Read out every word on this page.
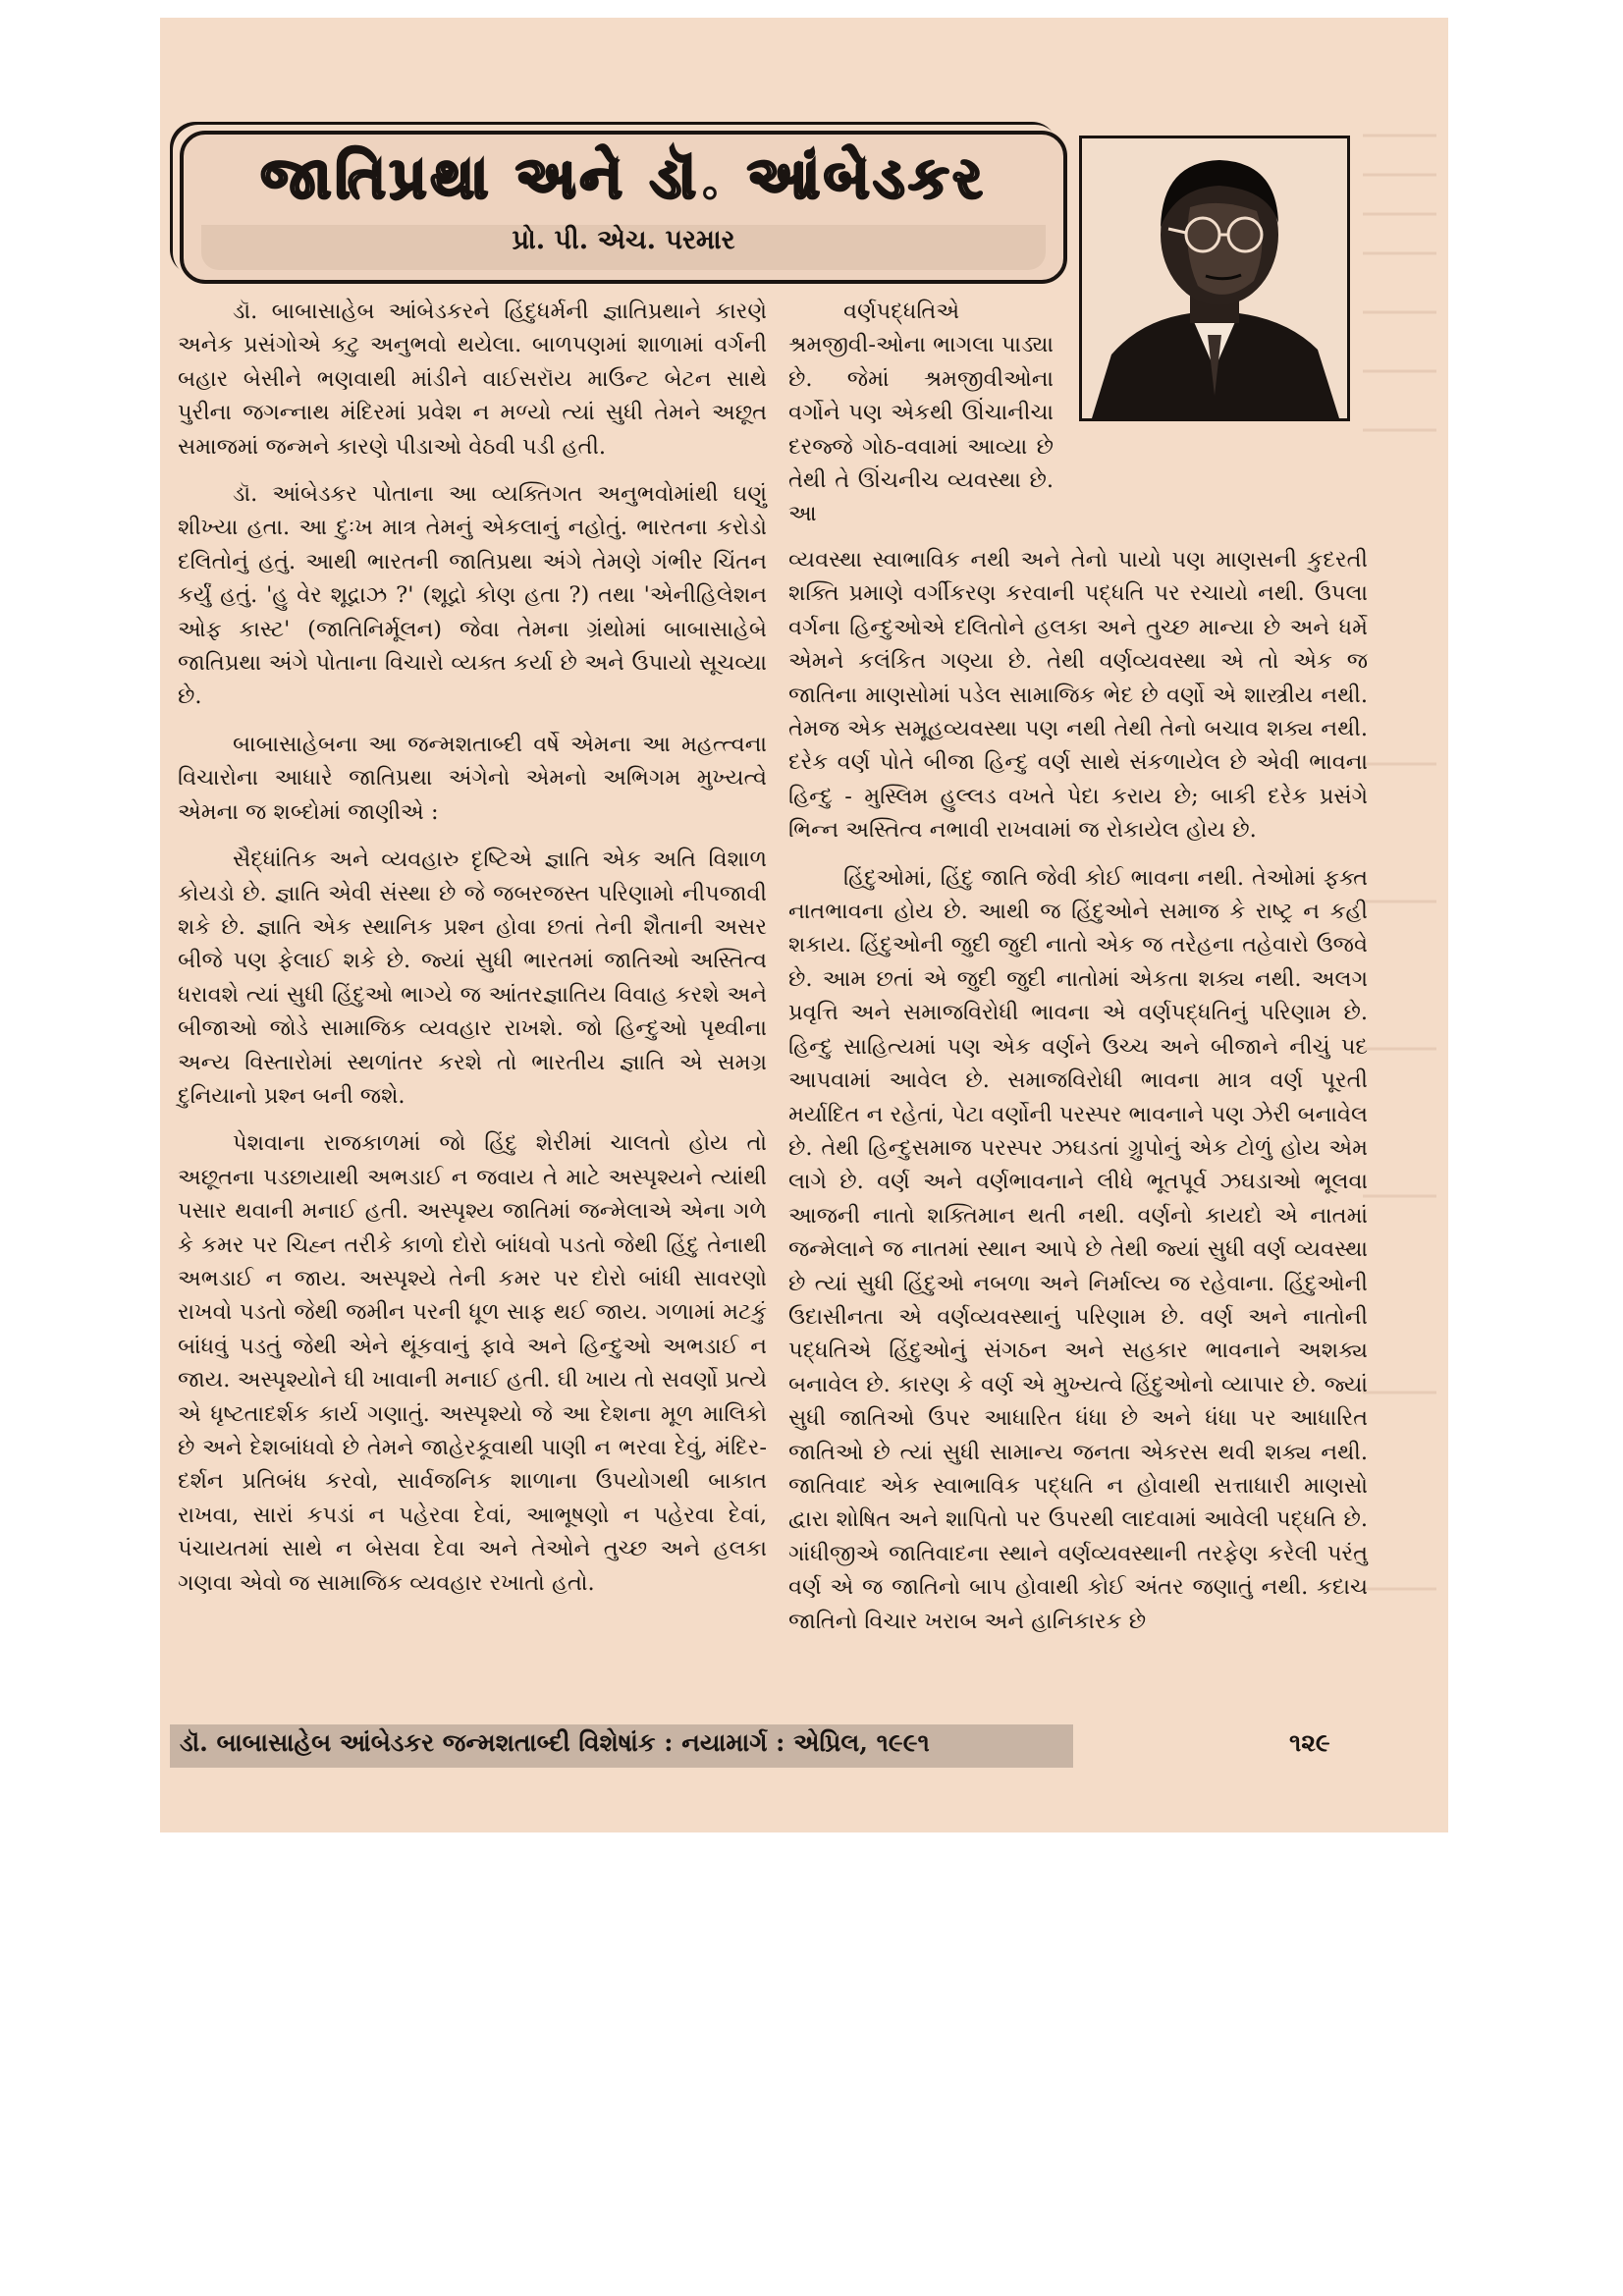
જાતિપ્રથા અને ડૉ. આંબેડકર
પ્રો. પી. એચ. પરમાર

ડૉ. બાબાસાહેબ આંબેડકરને હિંદુધર્મની જ્ઞાતિપ્રથાને કારણે અનેક પ્રસંગોએ કટુ અનુભવો થયેલા. બાળપણમાં શાળામાં વર્ગની બહાર બેસીને ભણવાથી માંડીને વાઈસરૉય માઉન્ટ બેટન સાથે પુરીના જગન્નાથ મંદિરમાં પ્રવેશ ન મળ્યો ત્યાં સુધી તેમને અછૂત સમાજમાં જન્મને કારણે પીડાઓ વેઠવી પડી હતી.

ડૉ. આંબેડકર પોતાના આ વ્યક્તિગત અનુભવોમાંથી ઘણું શીખ્યા હતા. આ દુઃખ માત્ર તેમનું એકલાનું નહોતું. ભારતના કરોડો દલિતોનું હતું. આથી ભારતની જાતિપ્રથા અંગે તેમણે ગંભીર ચિંતન કર્યું હતું. 'હુ વેર શૂદ્રાઝ ?' (શૂદ્રો કોણ હતા ?) તથા 'એનીહિલેશન ઓફ કાસ્ટ' (જાતિનિર્મૂલન) જેવા તેમના ગ્રંથોમાં બાબાસાહેબે જાતિપ્રથા અંગે પોતાના વિચારો વ્યક્ત કર્યા છે અને ઉપાયો સૂચવ્યા છે.

બાબાસાહેબના આ જન્મશતાબ્દી વર્ષે એમના આ મહત્ત્વના વિચારોના આધારે જાતિપ્રથા અંગેનો એમનો અભિગમ મુખ્યત્વે એમના જ શબ્દોમાં જાણીએ :

સૈદ્ધાંતિક અને વ્યવહારુ દૃષ્ટિએ જ્ઞાતિ એક અતિ વિશાળ કોયડો છે. જ્ઞાતિ એવી સંસ્થા છે જે જબરજસ્ત પરિણામો નીપજાવી શકે છે. જ્ઞાતિ એક સ્થાનિક પ્રશ્ન હોવા છતાં તેની શૈતાની અસર બીજે પણ ફેલાઈ શકે છે. જ્યાં સુધી ભારતમાં જાતિઓ અસ્તિત્વ ધરાવશે ત્યાં સુધી હિંદુઓ ભાગ્યે જ આંતરજ્ઞાતિય વિવાહ કરશે અને બીજાઓ જોડે સામાજિક વ્યવહાર રાખશે. જો હિન્દુઓ પૃથ્વીના અન્ય વિસ્તારોમાં સ્થળાંતર કરશે તો ભારતીય જ્ઞાતિ એ સમગ્ર દુનિયાનો પ્રશ્ન બની જશે.

પેશવાના રાજકાળમાં જો હિંદુ શેરીમાં ચાલતો હોય તો અછૂતના પડછાયાથી અભડાઈ ન જવાય તે માટે અસ્પૃશ્યને ત્યાંથી પસાર થવાની મનાઈ હતી. અસ્પૃશ્ય જાતિમાં જન્મેલાએ એના ગળે કે કમર પર ચિહ્ન તરીકે કાળો દોરો બાંધવો પડતો જેથી હિંદુ તેનાથી અભડાઈ ન જાય. અસ્પૃશ્યે તેની કમર પર દોરો બાંધી સાવરણો રાખવો પડતો જેથી જમીન પરની ધૂળ સાફ થઈ જાય. ગળામાં મટકું બાંધવું પડતું જેથી એને થૂંકવાનું ફાવે અને હિન્દુઓ અભડાઈ ન જાય. અસ્પૃશ્યોને ઘી ખાવાની મનાઈ હતી. ઘી ખાય તો સવર્ણો પ્રત્યે એ ધૃષ્ટતાદર્શક કાર્ય ગણાતું. અસ્પૃશ્યો જે આ દેશના મૂળ માલિકો છે અને દેશબાંધવો છે તેમને જાહેરકૂવાથી પાણી ન ભરવા દેવું, મંદિર-દર્શન પ્રતિબંધ કરવો, સાર્વજનિક શાળાના ઉપયોગથી બાકાત રાખવા, સારાં કપડાં ન પહેરવા દેવાં, આભૂષણો ન પહેરવા દેવાં, પંચાયતમાં સાથે ન બેસવા દેવા અને તેઓને તુચ્છ અને હલકા ગણવા એવો જ સામાજિક વ્યવહાર રખાતો હતો.

વર્ણપદ્ધતિએ શ્રમજીવી-ઓના ભાગલા પાડ્યા છે. જેમાં શ્રમજીવીઓના વર્ગોને પણ એકથી ઊંચાનીચા દરજ્જે ગોઠ-વવામાં આવ્યા છે તેથી તે ઊંચનીચ વ્યવસ્થા છે. આ

વ્યવસ્થા સ્વાભાવિક નથી અને તેનો પાયો પણ માણસની કુદરતી શક્તિ પ્રમાણે વર્ગીકરણ કરવાની પદ્ધતિ પર રચાયો નથી. ઉપલા વર્ગના હિન્દુઓએ દલિતોને હલકા અને તુચ્છ માન્યા છે અને ધર્મે એમને કલંકિત ગણ્યા છે. તેથી વર્ણવ્યવસ્થા એ તો એક જ જાતિના માણસોમાં પડેલ સામાજિક ભેદ છે વર્ણો એ શાસ્ત્રીય નથી. તેમજ એક સમૂહવ્યવસ્થા પણ નથી તેથી તેનો બચાવ શક્ય નથી. દરેક વર્ણ પોતે બીજા હિન્દુ વર્ણ સાથે સંકળાયેલ છે એવી ભાવના હિન્દુ - મુસ્લિમ હુલ્લડ વખતે પેદા કરાય છે; બાકી દરેક પ્રસંગે ભિન્ન અસ્તિત્વ નભાવી રાખવામાં જ રોકાયેલ હોય છે.

હિંદુઓમાં, હિંદુ જાતિ જેવી કોઈ ભાવના નથી. તેઓમાં ફક્ત નાતભાવના હોય છે. આથી જ હિંદુઓને સમાજ કે રાષ્ટ્ર ન કહી શકાય. હિંદુઓની જુદી જુદી નાતો એક જ તરેહના તહેવારો ઉજવે છે. આમ છતાં એ જુદી જુદી નાતોમાં એકતા શક્ય નથી. અલગ પ્રવૃત્તિ અને સમાજવિરોધી ભાવના એ વર્ણપદ્ધતિનું પરિણામ છે. હિન્દુ સાહિત્યમાં પણ એક વર્ણને ઉચ્ચ અને બીજાને નીચું પદ આપવામાં આવેલ છે. સમાજવિરોધી ભાવના માત્ર વર્ણ પૂરતી મર્યાદિત ન રહેતાં, પેટા વર્ણોની પરસ્પર ભાવનાને પણ ઝેરી બનાવેલ છે. તેથી હિન્દુસમાજ પરસ્પર ઝઘડતાં ગ્રુપોનું એક ટોળું હોય એમ લાગે છે. વર્ણ અને વર્ણભાવનાને લીધે ભૂતપૂર્વ ઝઘડાઓ ભૂલવા આજની નાતો શક્તિમાન થતી નથી. વર્ણનો કાયદો એ નાતમાં જન્મેલાને જ નાતમાં સ્થાન આપે છે તેથી જ્યાં સુધી વર્ણ વ્યવસ્થા છે ત્યાં સુધી હિંદુઓ નબળા અને નિર્માલ્ય જ રહેવાના. હિંદુઓની ઉદાસીનતા એ વર્ણવ્યવસ્થાનું પરિણામ છે. વર્ણ અને નાતોની પદ્ધતિએ હિંદુઓનું સંગઠન અને સહકાર ભાવનાને અશક્ય બનાવેલ છે. કારણ કે વર્ણ એ મુખ્યત્વે હિંદુઓનો વ્યાપાર છે. જ્યાં સુધી જાતિઓ ઉપર આધારિત ધંધા છે અને ધંધા પર આધારિત જાતિઓ છે ત્યાં સુધી સામાન્ય જનતા એકરસ થવી શક્ય નથી. જાતિવાદ એક સ્વાભાવિક પદ્ધતિ ન હોવાથી સત્તાધારી માણસો દ્વારા શોષિત અને શાપિતો પર ઉપરથી લાદવામાં આવેલી પદ્ધતિ છે. ગાંધીજીએ જાતિવાદના સ્થાને વર્ણવ્યવસ્થાની તરફેણ કરેલી પરંતુ વર્ણ એ જ જાતિનો બાપ હોવાથી કોઈ અંતર જણાતું નથી. કદાચ જાતિનો વિચાર ખરાબ અને હાનિકારક છે

ડૉ. બાબાસાહેબ આંબેડકર જન્મશતાબ્દી વિશેષાંક : નયામાર્ગ : એપ્રિલ, ૧૯૯૧	૧૨૯
